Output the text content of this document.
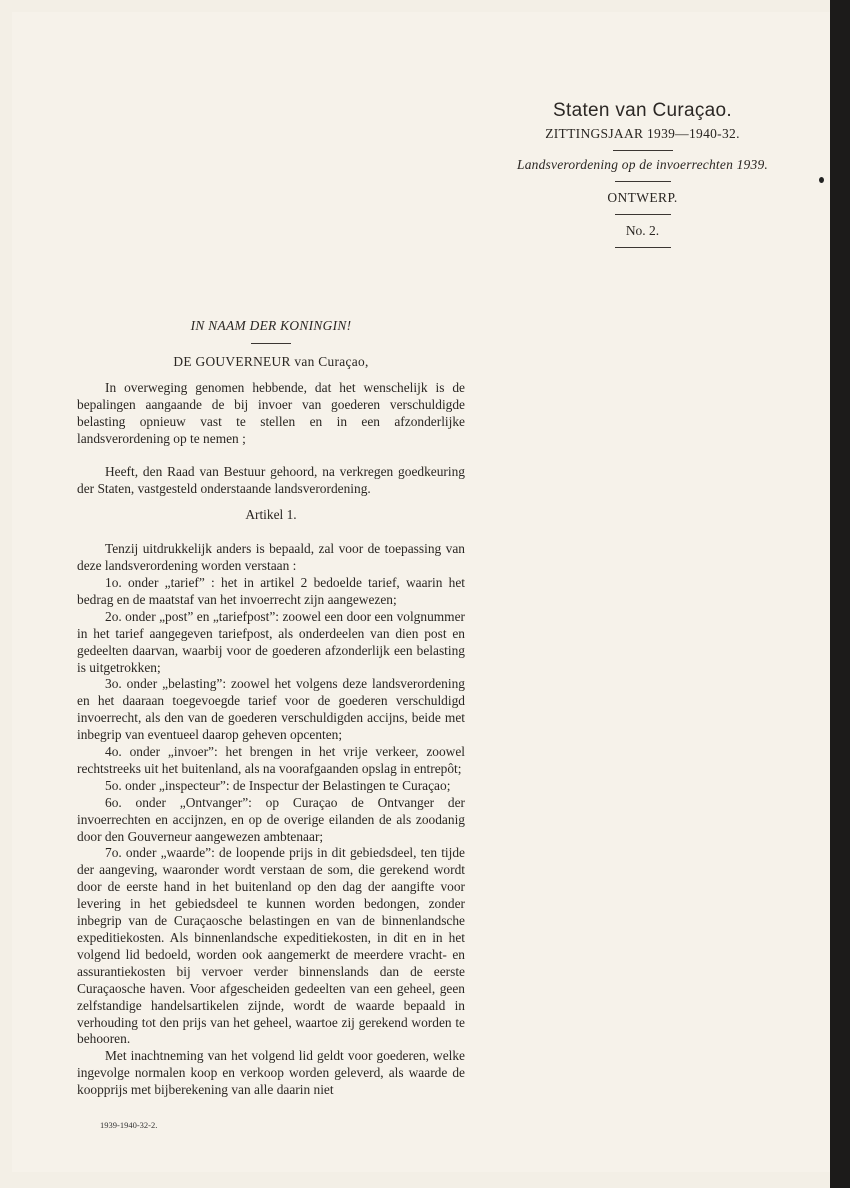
Staten van Curaçao.
ZITTINGSJAAR 1939—1940-32.
Landsverordening op de invoerrechten 1939.
ONTWERP.
No. 2.

IN NAAM DER KONINGIN!

DE GOUVERNEUR van Curaçao,

In overweging genomen hebbende, dat het wenschelijk is de bepalingen aangaande de bij invoer van goederen verschuldigde belasting opnieuw vast te stellen en in een afzonderlijke landsverordening op te nemen ;

Heeft, den Raad van Bestuur gehoord, na verkregen goedkeuring der Staten, vastgesteld onderstaande landsverordening.

Artikel 1.

Tenzij uitdrukkelijk anders is bepaald, zal voor de toepassing van deze landsverordening worden verstaan :

1o. onder „tarief” : het in artikel 2 bedoelde tarief, waarin het bedrag en de maatstaf van het invoerrecht zijn aangewezen;

2o. onder „post” en „tariefpost”: zoowel een door een volgnummer in het tarief aangegeven tariefpost, als onderdeelen van dien post en gedeelten daarvan, waarbij voor de goederen afzonderlijk een belasting is uitgetrokken;

3o. onder „belasting”: zoowel het volgens deze landsverordening en het daaraan toegevoegde tarief voor de goederen verschuldigd invoerrecht, als den van de goederen verschuldigden accijns, beide met inbegrip van eventueel daarop geheven opcenten;

4o. onder „invoer”: het brengen in het vrije verkeer, zoowel rechtstreeks uit het buitenland, als na voorafgaanden opslag in entrepôt;

5o. onder „inspecteur”: de Inspectur der Belastingen te Curaçao;

6o. onder „Ontvanger”: op Curaçao de Ontvanger der invoerrechten en accijnzen, en op de overige eilanden de als zoodanig door den Gouverneur aangewezen ambtenaar;

7o. onder „waarde”: de loopende prijs in dit gebiedsdeel, ten tijde der aangeving, waaronder wordt verstaan de som, die gerekend wordt door de eerste hand in het buitenland op den dag der aangifte voor levering in het gebiedsdeel te kunnen worden bedongen, zonder inbegrip van de Curaçaosche belastingen en van de binnenlandsche expeditiekosten. Als binnenlandsche expeditiekosten, in dit en in het volgend lid bedoeld, worden ook aangemerkt de meerdere vracht- en assurantiekosten bij vervoer verder binnenslands dan de eerste Curaçaosche haven. Voor afgescheiden gedeelten van een geheel, geen zelfstandige handelsartikelen zijnde, wordt de waarde bepaald in verhouding tot den prijs van het geheel, waartoe zij gerekend worden te behooren.

Met inachtneming van het volgend lid geldt voor goederen, welke ingevolge normalen koop en verkoop worden geleverd, als waarde de koopprijs met bijberekening van alle daarin niet

1939-1940-32-2.
